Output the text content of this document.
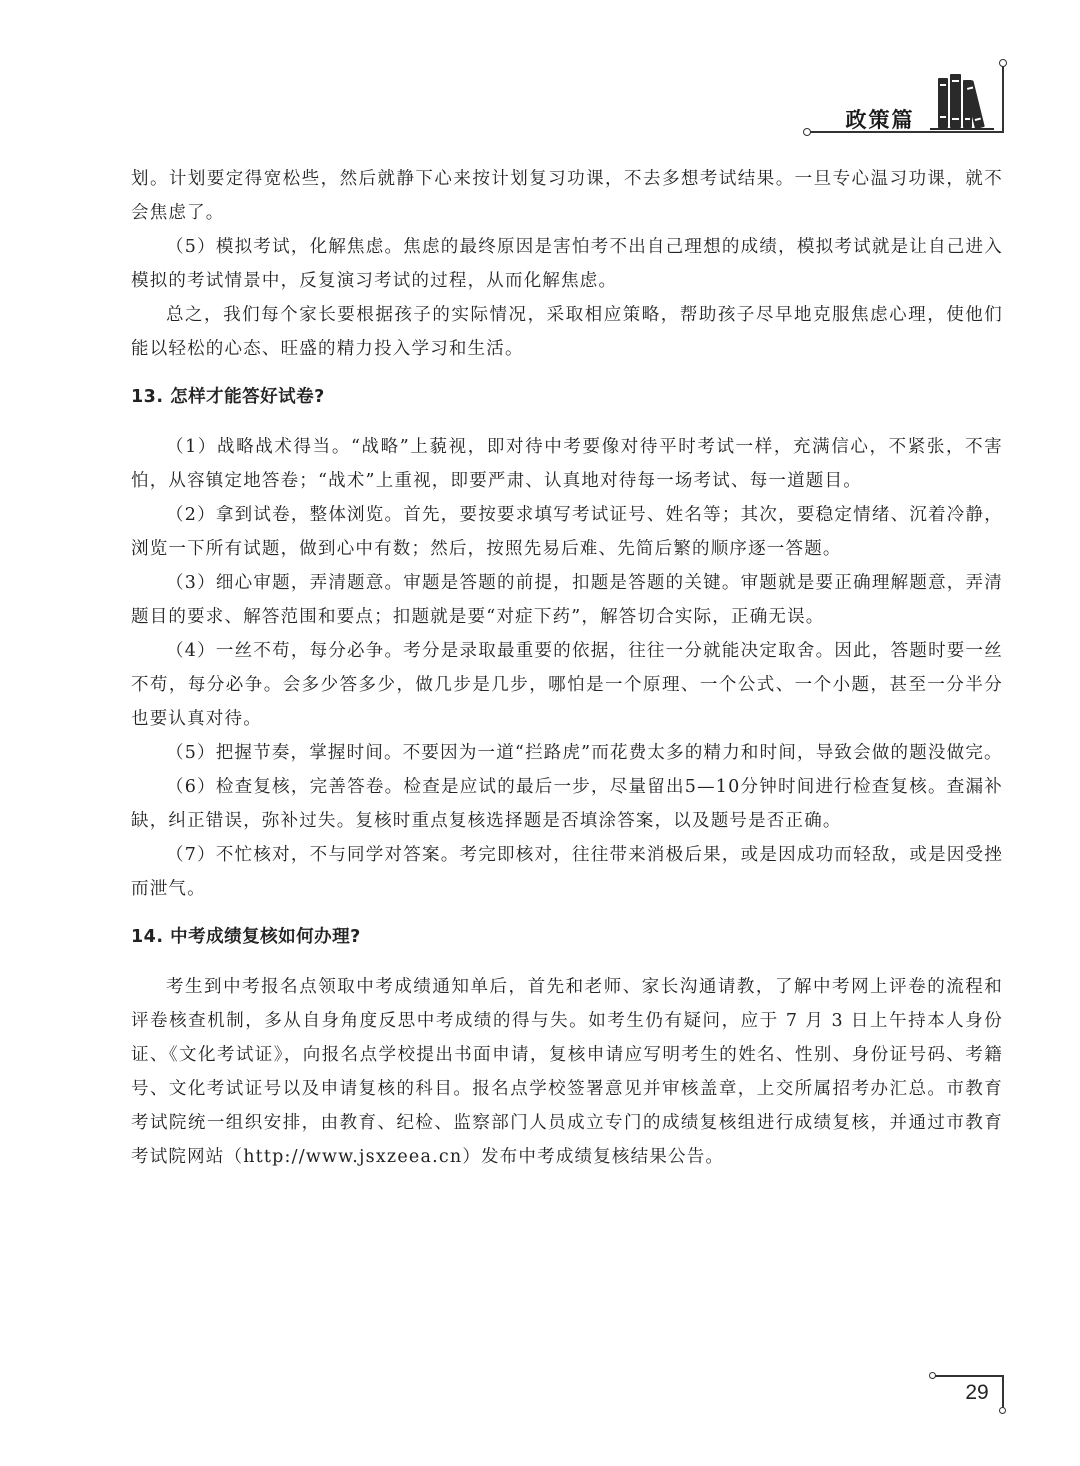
政策篇

划。计划要定得宽松些，然后就静下心来按计划复习功课，不去多想考试结果。一旦专心温习功课，就不会焦虑了。

（5）模拟考试，化解焦虑。焦虑的最终原因是害怕考不出自己理想的成绩，模拟考试就是让自己进入模拟的考试情景中，反复演习考试的过程，从而化解焦虑。

总之，我们每个家长要根据孩子的实际情况，采取相应策略，帮助孩子尽早地克服焦虑心理，使他们能以轻松的心态、旺盛的精力投入学习和生活。

13. 怎样才能答好试卷?

（1）战略战术得当。“战略”上藐视，即对待中考要像对待平时考试一样，充满信心，不紧张，不害怕，从容镇定地答卷；“战术”上重视，即要严肃、认真地对待每一场考试、每一道题目。

（2）拿到试卷，整体浏览。首先，要按要求填写考试证号、姓名等；其次，要稳定情绪、沉着冷静，浏览一下所有试题，做到心中有数；然后，按照先易后难、先简后繁的顺序逐一答题。

（3）细心审题，弄清题意。审题是答题的前提，扣题是答题的关键。审题就是要正确理解题意，弄清题目的要求、解答范围和要点；扣题就是要“对症下药”，解答切合实际，正确无误。

（4）一丝不苟，每分必争。考分是录取最重要的依据，往往一分就能决定取舍。因此，答题时要一丝不苟，每分必争。会多少答多少，做几步是几步，哪怕是一个原理、一个公式、一个小题，甚至一分半分也要认真对待。

（5）把握节奏，掌握时间。不要因为一道“拦路虎”而花费太多的精力和时间，导致会做的题没做完。

（6）检查复核，完善答卷。检查是应试的最后一步，尽量留出5—10分钟时间进行检查复核。查漏补缺，纠正错误，弥补过失。复核时重点复核选择题是否填涂答案，以及题号是否正确。

（7）不忙核对，不与同学对答案。考完即核对，往往带来消极后果，或是因成功而轻敌，或是因受挫而泄气。

14. 中考成绩复核如何办理?

考生到中考报名点领取中考成绩通知单后，首先和老师、家长沟通请教，了解中考网上评卷的流程和评卷核查机制，多从自身角度反思中考成绩的得与失。如考生仍有疑问，应于 7 月 3 日上午持本人身份证、《文化考试证》，向报名点学校提出书面申请，复核申请应写明考生的姓名、性别、身份证号码、考籍号、文化考试证号以及申请复核的科目。报名点学校签署意见并审核盖章，上交所属招考办汇总。市教育考试院统一组织安排，由教育、纪检、监察部门人员成立专门的成绩复核组进行成绩复核，并通过市教育考试院网站（http://www.jsxzeea.cn）发布中考成绩复核结果公告。

29
